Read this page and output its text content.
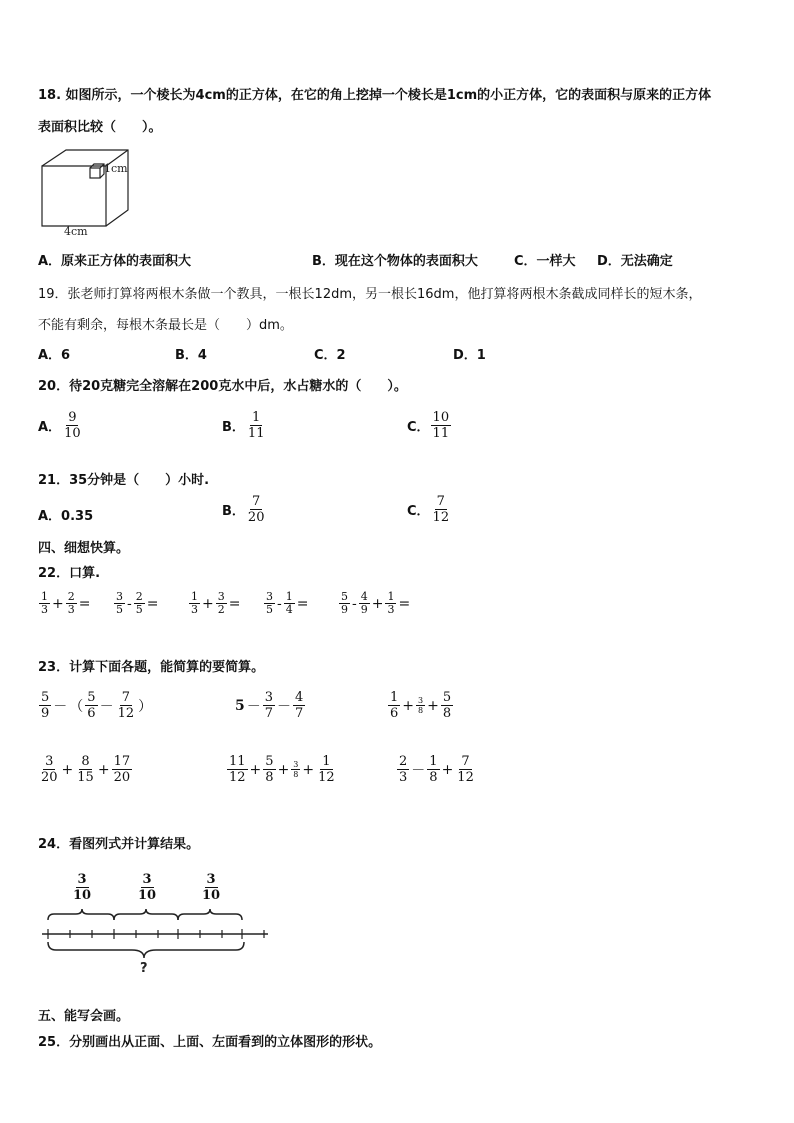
18. 如图所示，一个棱长为4cm的正方体，在它的角上挖掉一个棱长是1cm的小正方体，它的表面积与原来的正方体
表面积比较（　　）。
1cm
4cm
A．原来正方体的表面积大	B．现在这个物体的表面积大	C．一样大 D．无法确定
19．张老师打算将两根木条做一个教具，一根长12dm，另一根长16dm，他打算将两根木条截成同样长的短木条，
不能有剩余，每根木条最长是（　　）dm。
A．6	B．4	C．2	D．1
20．待20克糖完全溶解在200克水中后，水占糖水的（　　）。
A． $\frac{9}{10}$	B． $\frac{1}{11}$	C． $\frac{10}{11}$
21．35分钟是（　　）小时.
A．0.35	B． $\frac{7}{20}$	C． $\frac{7}{12}$
四、细想快算。
22．口算.
$\frac{1}{3} + \frac{2}{3} = \frac{3}{5} - \frac{2}{5}$ =	$\frac{1}{3} + \frac{3}{2} = \frac{3}{5} - \frac{1}{4}$ =	$\frac{5}{9} - \frac{4}{9} + \frac{1}{3}$ =
23．计算下面各题，能简算的要简算。
$\frac{5}{9}$ － （ $\frac{5}{6} - \frac{7}{12}$ ）	$5 - \frac{3}{7} - \frac{4}{7}$	$\frac{1}{6} + \frac{3}{8} + \frac{5}{8}$
$\frac{3}{20} + \frac{8}{15} + \frac{17}{20}$	$\frac{11}{12} + \frac{5}{8} + \frac{3}{8} + \frac{1}{12}$	$\frac{2}{3} - \frac{1}{8} + \frac{7}{12}$
24．看图列式并计算结果。
$\frac{3}{10}$	$\frac{3}{10}$	$\frac{3}{10}$
?
五、能写会画。
25．分别画出从正面、上面、左面看到的立体图形的形状。
